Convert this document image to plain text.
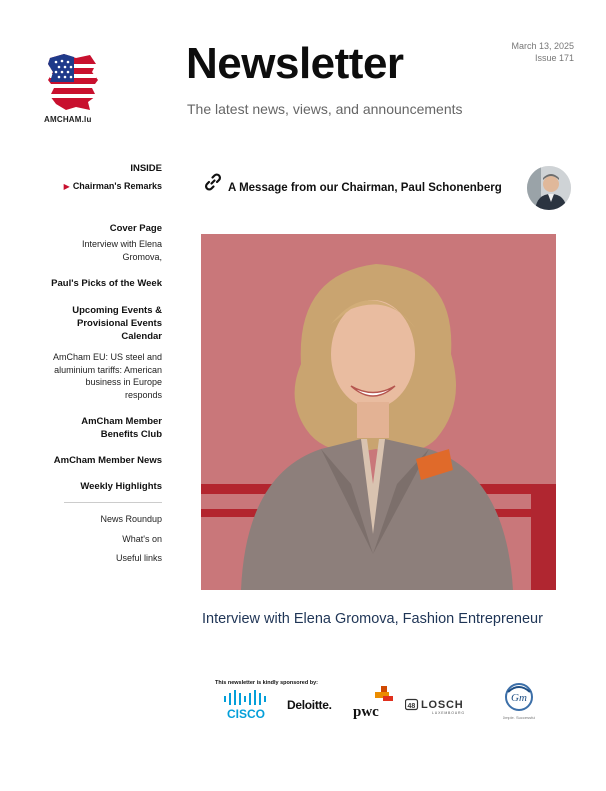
AMCHAM.lu
Newsletter
The latest news, views, and announcements
March 13, 2025
Issue 171
INSIDE
▶ Chairman's Remarks
Cover Page
Interview with Elena Gromova,
Paul's Picks of the Week
Upcoming Events & Provisional Events Calendar
AmCham EU: US steel and aluminium tariffs: American business in Europe responds
AmCham Member Benefits Club
AmCham Member News
Weekly Highlights
News Roundup
What's on
Useful links
A Message from our Chairman, Paul Schonenberg
Interview with Elena Gromova, Fashion Entrepreneur
This newsletter is kindly sponsored by:
CISCO
Deloitte. pwc	48 LOSCH
LUXEMBOURG
Gm
Simple. Successful.
